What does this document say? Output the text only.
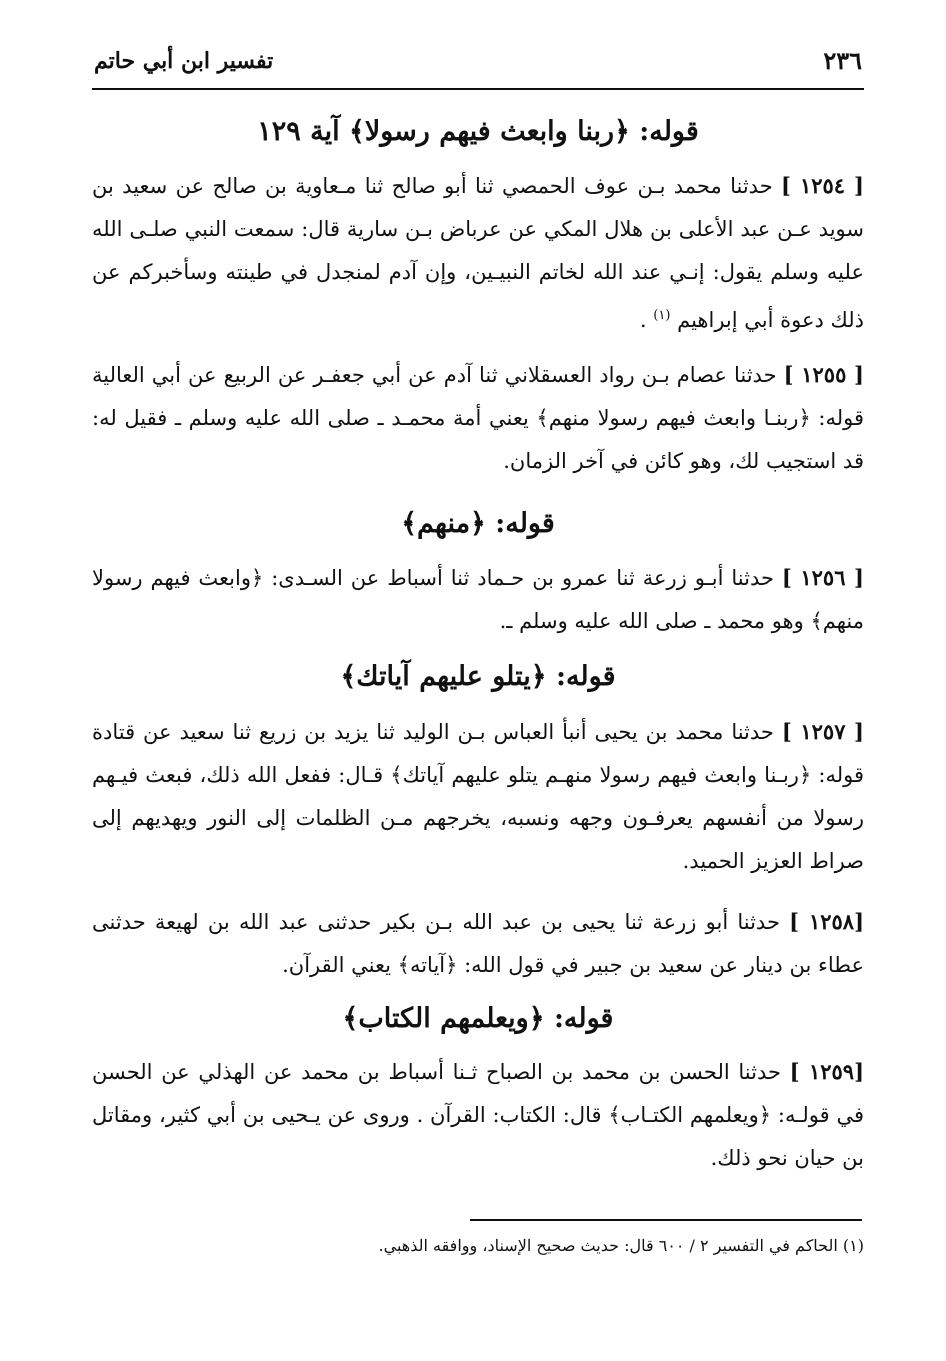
٢٣٦
تفسير ابن أبي حاتم
قوله: ﴿ربنا وابعث فيهم رسولا﴾ آية ١٢٩

[ ١٢٥٤ ] حدثنا محمد بـن عوف الحمصي ثنا أبو صالح ثنا مـعاوية بن صالح عن سعيد بن سويد عـن عبد الأعلى بن هلال المكي عن عرباض بـن سارية قال: سمعت النبي صلـى الله عليه وسلم يقول: إنـي عند الله لخاتم النبيـين، وإن آدم لمنجدل في طينته وسأخبركم عن ذلك دعوة أبي إبراهيم $^{(١)}$ .

[ ١٢٥٥ ] حدثنا عصام بـن رواد العسقلاني ثنا آدم عن أبي جعفـر عن الربيع عن أبي العالية قوله: ﴿ربنـا وابعث فيهم رسولا منهم﴾ يعني أمة محمـد ـ صلى الله عليه وسلم ـ فقيل له: قد استجيب لك، وهو كائن في آخر الزمان.

قوله: ﴿منهم﴾

[ ١٢٥٦ ] حدثنا أبـو زرعة ثنا عمرو بن حـماد ثنا أسباط عن السـدى: ﴿وابعث فيهم رسولا منهم﴾ وهو محمد ـ صلى الله عليه وسلم ـ.

قوله: ﴿يتلو عليهم آياتك﴾

[ ١٢٥٧ ] حدثنا محمد بن يحيى أنبأ العباس بـن الوليد ثنا يزيد بن زريع ثنا سعيد عن قتادة قوله: ﴿ربـنا وابعث فيهم رسولا منهـم يتلو عليهم آياتك﴾ قـال: ففعل الله ذلك، فبعث فيـهم رسولا من أنفسهم يعرفـون وجهه ونسبه، يخرجهم مـن الظلمات إلى النور ويهديهم إلى صراط العزيز الحميد.

[١٢٥٨ ] حدثنا أبو زرعة ثنا يحيى بن عبد الله بـن بكير حدثنى عبد الله بن لهيعة حدثنى عطاء بن دينار عن سعيد بن جبير في قول الله: ﴿آياته﴾ يعني القرآن.

قوله: ﴿ويعلمهم الكتاب﴾

[١٢٥٩ ] حدثنا الحسن بن محمد بن الصباح ثـنا أسباط بن محمد عن الهذلي عن الحسن في قولـه: ﴿ويعلمهم الكتـاب﴾ قال: الكتاب: القرآن . وروى عن يـحيى بن أبي كثير، ومقاتل بن حيان نحو ذلك.

(١) الحاكم في التفسير ٢ / ٦٠٠ قال: حديث صحيح الإسناد، ووافقه الذهبي.
